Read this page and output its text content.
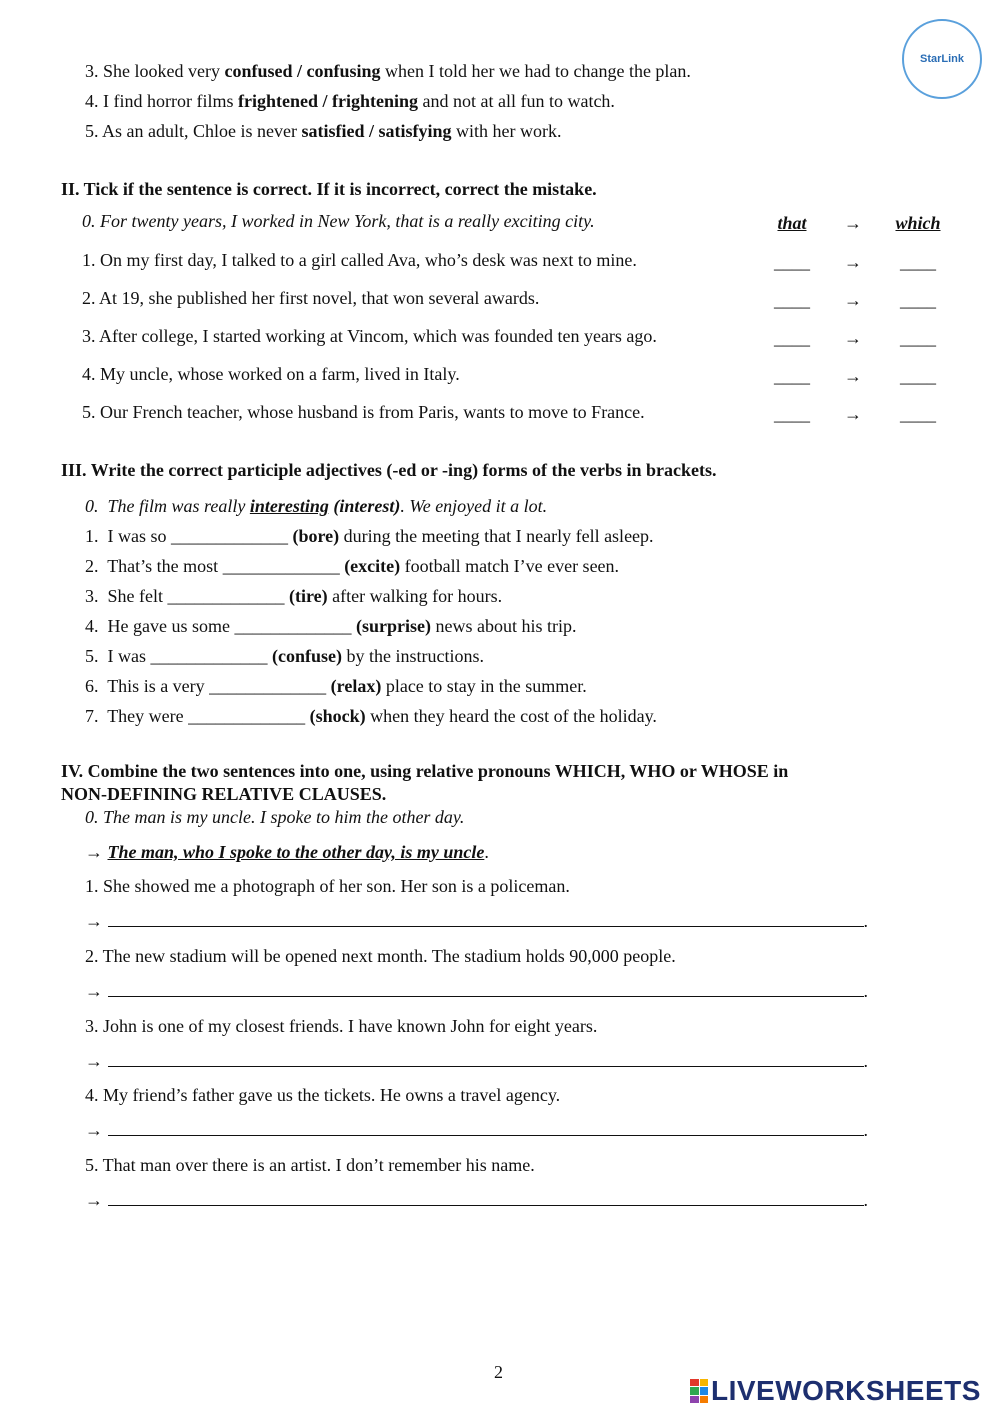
StarLink
3. She looked very confused / confusing when I told her we had to change the plan.
4. I find horror films frightened / frightening and not at all fun to watch.
5. As an adult, Chloe is never satisfied / satisfying with her work.
II. Tick if the sentence is correct. If it is incorrect, correct the mistake.
0. For twenty years, I worked in New York, that is a really exciting city.	that	→ which
1. On my first day, I talked to a girl called Ava, who’s desk was next to mine.	____ →	____
2. At 19, she published her first novel, that won several awards.	____ →	____
3. After college, I started working at Vincom, which was founded ten years ago.	____ →	____
4. My uncle, whose worked on a farm, lived in Italy.	____ →	____
5. Our French teacher, whose husband is from Paris, wants to move to France.	____ →	____
III. Write the correct participle adjectives (-ed or -ing) forms of the verbs in brackets.
0. The film was really interesting (interest). We enjoyed it a lot.
1. I was so _____________ (bore) during the meeting that I nearly fell asleep.
2. That’s the most _____________ (excite) football match I’ve ever seen.
3. She felt _____________ (tire) after walking for hours.
4. He gave us some _____________ (surprise) news about his trip.
5. I was _____________ (confuse) by the instructions.
6. This is a very _____________ (relax) place to stay in the summer.
7. They were _____________ (shock) when they heard the cost of the holiday.
IV. Combine the two sentences into one, using relative pronouns WHICH, WHO or WHOSE in
NON-DEFINING RELATIVE CLAUSES.
0. The man is my uncle. I spoke to him the other day.
→ The man, who I spoke to the other day, is my uncle.
1. She showed me a photograph of her son. Her son is a policeman.
→	.
2. The new stadium will be opened next month. The stadium holds 90,000 people.
→	.
3. John is one of my closest friends. I have known John for eight years.
→	.
4. My friend’s father gave us the tickets. He owns a travel agency.
→	.
5. That man over there is an artist. I don’t remember his name.
→	.
2
LIVEWORKSHEETS
